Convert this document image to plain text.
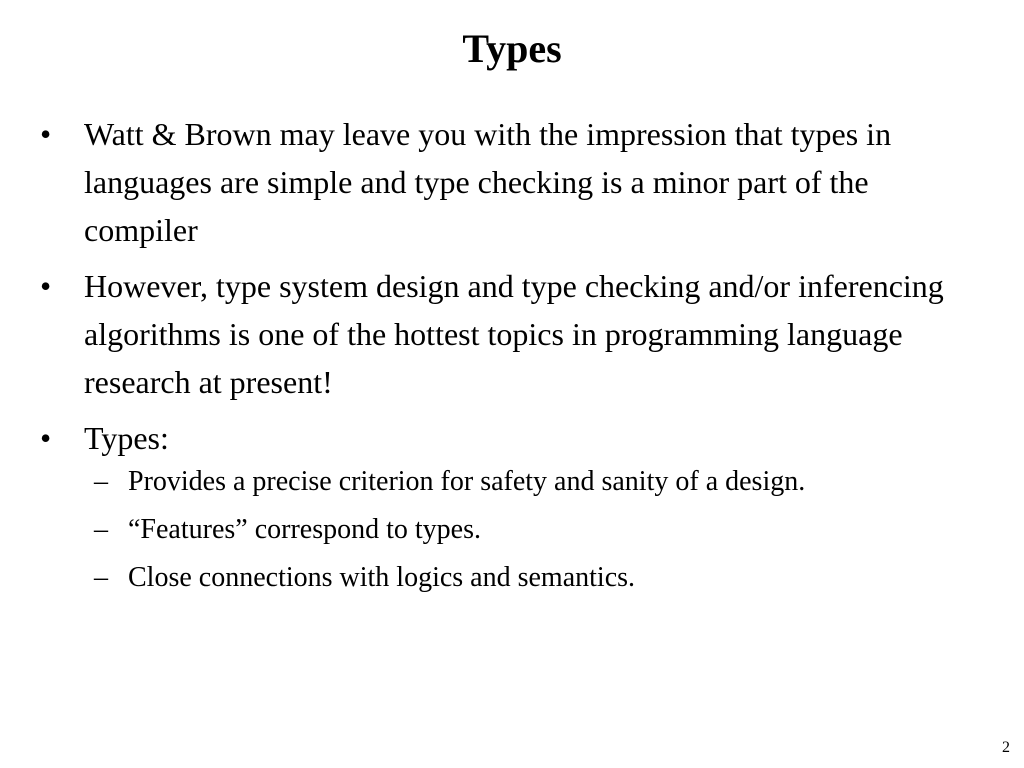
Types
•	Watt & Brown may leave you with the impression that types in languages are simple and type checking is a minor part of the compiler
•	However, type system design and type checking and/or inferencing algorithms is one of the hottest topics in programming language research at present!
•	Types:
– Provides a precise criterion for safety and sanity of a design.
– “Features” correspond to types.
– Close connections with logics and semantics.
2
